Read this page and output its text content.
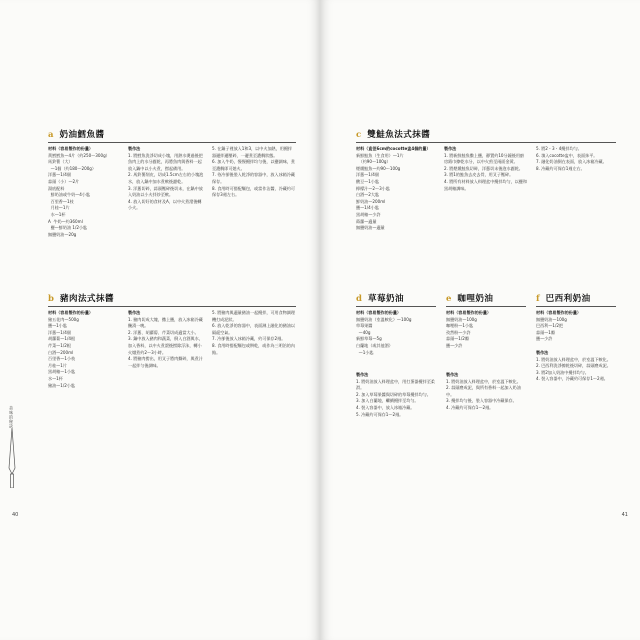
a 奶油鱈魚醬
材料（容易製作的份量）
黃鱈鱈魚—4片（約250～300g）
馬鈴薯（大）
—1個（約180～200g）
洋蔥—1/4個
蒜頭（小）—2片
湯底配料
鮮奶油或牛奶—4小匙
百里香—1枝
月桂—1片
水—1杯
A  牛奶—約360ml
鹽—鮮奶油 1/2小匙
無鹽奶油—20g
製作法
1. 將鱈魚洗淨切成小塊，用熱水燙過後把魚肉上的水分瀝乾，再將魚肉與香料一起放入鍋中以小火煮，撈起備用。
2. 馬鈴薯削皮，切成1.5cm左右的小塊泡水，放入鍋中加水煮軟後瀝乾。
3. 洋蔥切碎，蒜頭壓碎後切末，在鍋中放入奶油以小火拌炒至軟。
4. 放入切好的食材及A，以中火煮滾後轉小火。
5. 在鍋子裡放入1和3，以中火加熱，用攪拌器邊拌邊壓碎，一邊煮至濃稠狀態。
6. 加入牛奶，慢慢攪拌均勻後，以鹽調味，煮至濃稠即可熄火。
7. 待冷卻後裝入乾淨的容器中，放入冰箱冷藏保存。
8. 食用時可搭配麵包，或當作沾醬，冷藏約可保存3週左右。
b 豬肉法式抹醬
材料（容易製作的份量）
豬五花肉—500g
鹽—1小匙
洋蔥—1/4個
胡蘿蔔—1/4根
芹菜—1/2根
白酒—200ml
百里香—1小枝
月桂—1片
黑胡椒—1小匙
水—1杯
豬油—1/2小匙
製作法
1. 豬肉切成大塊，撒上鹽，放入冰箱冷藏醃漬一晚。
2. 洋蔥、胡蘿蔔、芹菜切成適當大小。
3. 鍋中放入豬肉和蔬菜，倒入白酒與水，加入香料，以中火煮滾後撈除浮沫，轉小火燉煮約2～3小時。
4. 將豬肉撈出，用叉子將肉撕碎，與煮汁一起拌勻後調味。
5. 將豬肉與適量豬油一起攪拌，可用食物調理機打成泥狀。
6. 放入乾淨的容器中，表面淋上融化的豬油以隔絕空氣。
7. 冷卻後放入冰箱冷藏，約可保存2週。
8. 食用時搭配麵包或餅乾，或作為三明治的內餡。
美味的秘訣
40
c 雙鮭魚法式抹醬
材料（直徑6cm的cocotte盅4個的量）
新鮮鮭魚（生食用）—1片
（約90～100g）
煙燻鮭魚—約90～100g
洋蔥—1/4個
酸豆—1小匙
檸檬汁—2～3小匙
白酒—2大匙
鮮奶油—200ml
鹽—1/4小匙
黑胡椒—少許
蒔蘿—適量
無鹽奶油—適量
製作法
1. 將新鮮鮭魚撒上鹽，靜置約10分鐘後用廚房紙巾擦乾水分，以中火煎至兩面金黃。
2. 將煙燻鮭魚切碎，洋蔥切末後泡水瀝乾。
3. 將1的鮭魚去皮去骨，用叉子壓碎。
4. 將所有材料放入料理盆中攪拌均勻，以鹽和黑胡椒調味。
5. 將2・3・4攪拌均勻。
6. 填入cocotte盅中，表面抹平。
7. 融化奶油倒在表面，放入冰箱冷藏。
8. 冷藏約可保存1週左右。
d 草莓奶油
材料（容易製作的份量）
無鹽奶油（室溫軟化）—100g
草莓果醬
—40g
新鮮草莓—5g
白蘭地（或其他酒）
—1小匙
製作法
1. 將奶油放入料理盆中，用打蛋器攪拌至柔滑。
2. 加入草莓果醬與切碎的草莓攪拌均勻。
3. 加入白蘭地，繼續攪拌至均勻。
4. 裝入容器中，放入冰箱冷藏。
5. 冷藏約可保存1～2週。
e 咖哩奶油
材料（容易製作的份量）
無鹽奶油—100g
咖哩粉—1小匙
孜然粉—少許
蒜頭—1/2瓣
鹽—少許
製作法
1. 將奶油放入料理盆中，於室溫下軟化。
2. 蒜頭磨成泥，與所有香料一起加入奶油中。
3. 攪拌均勻後，裝入容器中冷藏保存。
4. 冷藏約可保存1～2週。
f 巴西利奶油
材料（容易製作的份量）
無鹽奶油—100g
巴西利—1/2把
蒜頭—1瓣
鹽—少許
製作法
1. 將奶油放入料理盆中，於室溫下軟化。
2. 巴西利洗淨擦乾後切碎，蒜頭磨成泥。
3. 將2加入奶油中攪拌均勻。
4. 裝入容器中，冷藏約可保存1～2週。
41
